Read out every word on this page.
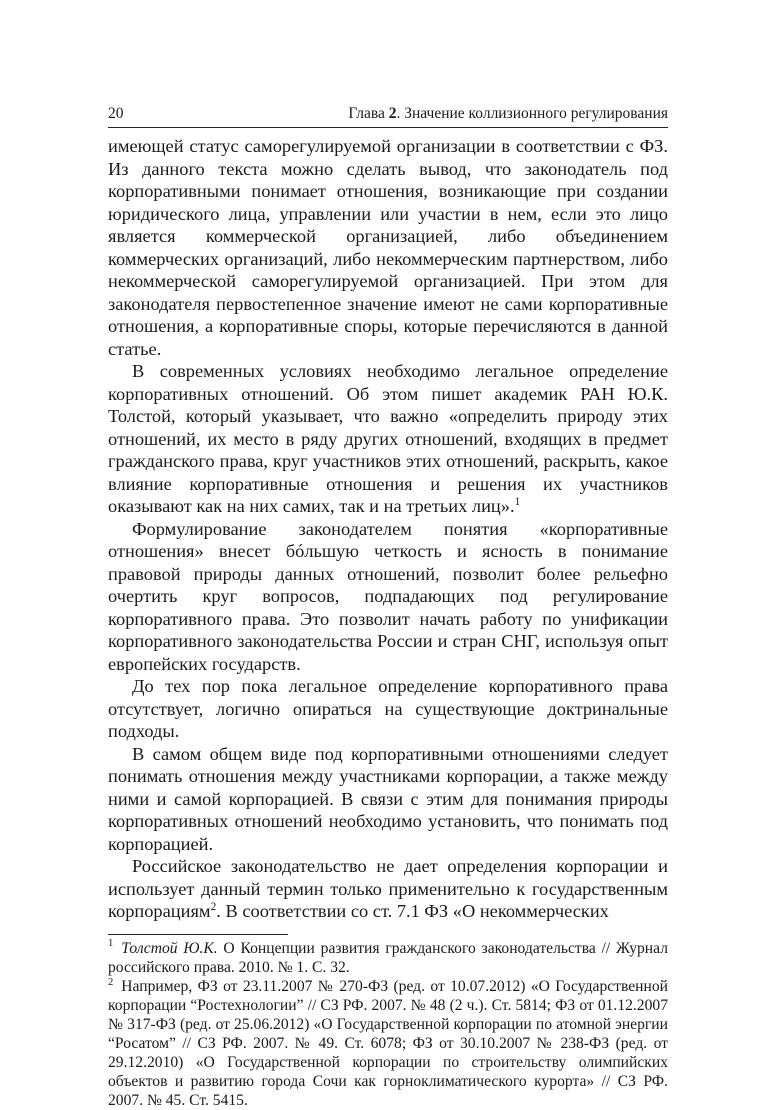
20	Глава 2. Значение коллизионного регулирования

имеющей статус саморегулируемой организации в соответствии с ФЗ. Из данного текста можно сделать вывод, что законодатель под корпоративными понимает отношения, возникающие при создании юридического лица, управлении или участии в нем, если это лицо является коммерческой организацией, либо объединением коммерческих организаций, либо некоммерческим партнерством, либо некоммерческой саморегулируемой организацией. При этом для законодателя первостепенное значение имеют не сами корпоративные отношения, а корпоративные споры, которые перечисляются в данной статье.

В современных условиях необходимо легальное определение корпоративных отношений. Об этом пишет академик РАН Ю.К. Толстой, который указывает, что важно «определить природу этих отношений, их место в ряду других отношений, входящих в предмет гражданского права, круг участников этих отношений, раскрыть, какое влияние корпоративные отношения и решения их участников оказывают как на них самих, так и на третьих лиц».$^1$

Формулирование законодателем понятия «корпоративные отношения» внесет бóльшую четкость и ясность в понимание правовой природы данных отношений, позволит более рельефно очертить круг вопросов, подпадающих под регулирование корпоративного права. Это позволит начать работу по унификации корпоративного законодательства России и стран СНГ, используя опыт европейских государств.

До тех пор пока легальное определение корпоративного права отсутствует, логично опираться на существующие доктринальные подходы.

В самом общем виде под корпоративными отношениями следует понимать отношения между участниками корпорации, а также между ними и самой корпорацией. В связи с этим для понимания природы корпоративных отношений необходимо установить, что понимать под корпорацией.

Российское законодательство не дает определения корпорации и использует данный термин только применительно к государственным корпорациям$^2$. В соответствии со ст. 7.1 ФЗ «О некоммерческих

$^1$ Толстой Ю.К. О Концепции развития гражданского законодательства // Журнал российского права. 2010. № 1. С. 32.

$^2$ Например, ФЗ от 23.11.2007 № 270-ФЗ (ред. от 10.07.2012) «О Государственной корпорации “Ростехнологии” // СЗ РФ. 2007. № 48 (2 ч.). Ст. 5814; ФЗ от 01.12.2007 № 317-ФЗ (ред. от 25.06.2012) «О Государственной корпорации по атомной энергии “Росатом” // СЗ РФ. 2007. № 49. Ст. 6078; ФЗ от 30.10.2007 № 238-ФЗ (ред. от 29.12.2010) «О Государственной корпорации по строительству олимпийских объектов и развитию города Сочи как горноклиматического курорта» // СЗ РФ. 2007. № 45. Ст. 5415.
